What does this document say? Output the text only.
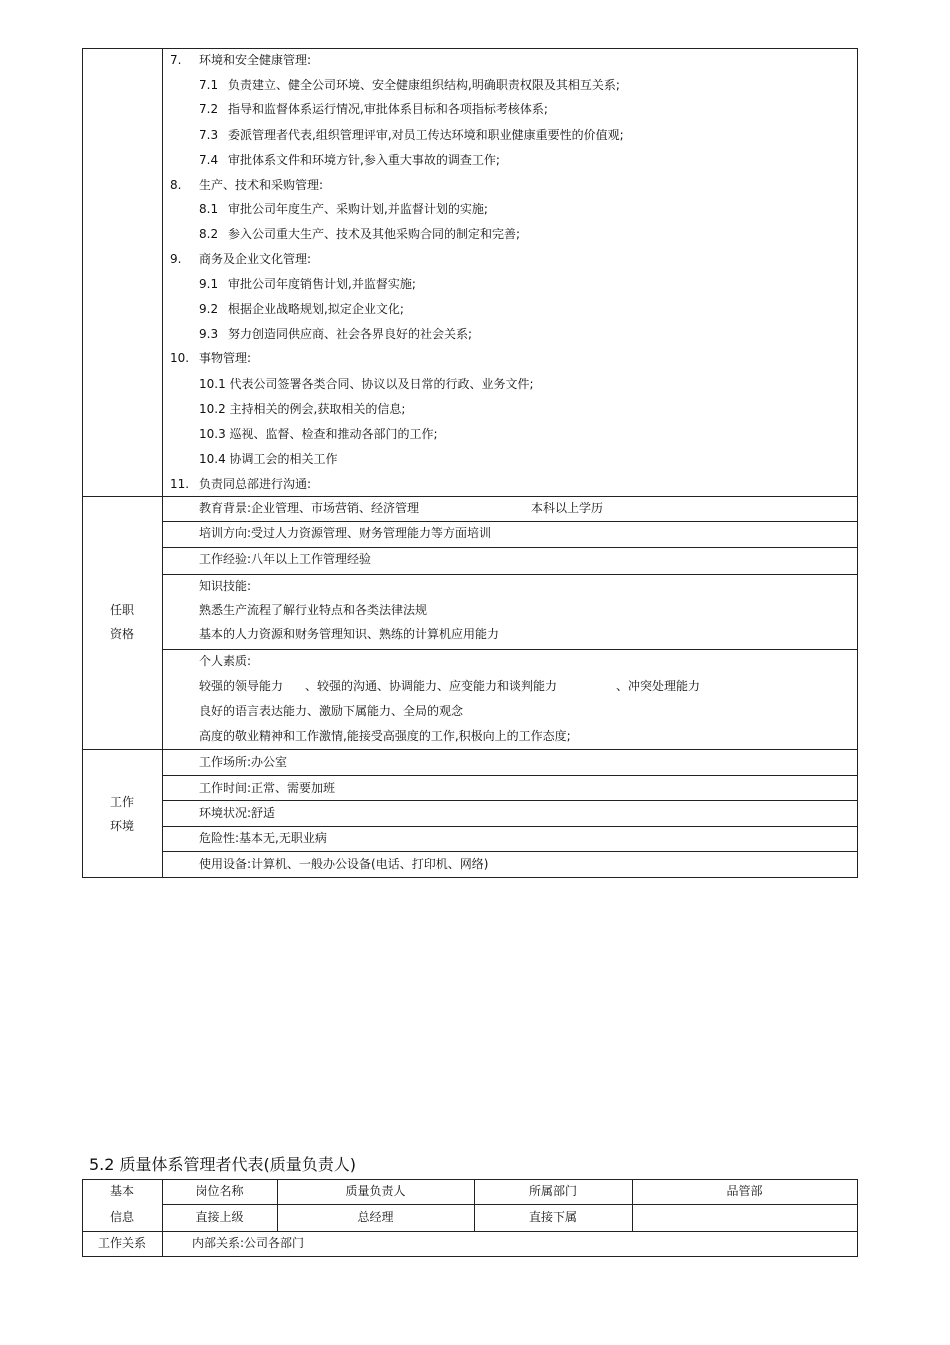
7. 环境和安全健康管理:
7.1 负责建立、健全公司环境、安全健康组织结构,明确职责权限及其相互关系;
7.2 指导和监督体系运行情况,审批体系目标和各项指标考核体系;
7.3 委派管理者代表,组织管理评审,对员工传达环境和职业健康重要性的价值观;
7.4 审批体系文件和环境方针,参入重大事故的调查工作;
8. 生产、技术和采购管理:
8.1 审批公司年度生产、采购计划,并监督计划的实施;
8.2 参入公司重大生产、技术及其他采购合同的制定和完善;
9. 商务及企业文化管理:
9.1 审批公司年度销售计划,并监督实施;
9.2 根据企业战略规划,拟定企业文化;
9.3 努力创造同供应商、社会各界良好的社会关系;
10. 事物管理:
10.1 代表公司签署各类合同、协议以及日常的行政、业务文件;
10.2 主持相关的例会,获取相关的信息;
10.3 巡视、监督、检查和推动各部门的工作;
10.4 协调工会的相关工作
11. 负责同总部进行沟通:
任职
资格
教育背景:企业管理、市场营销、经济管理	本科以上学历
培训方向:受过人力资源管理、财务管理能力等方面培训
工作经验:八年以上工作管理经验
知识技能:
熟悉生产流程了解行业特点和各类法律法规
基本的人力资源和财务管理知识、熟练的计算机应用能力
个人素质:
较强的领导能力 、较强的沟通、协调能力、应变能力和谈判能力	、冲突处理能力
良好的语言表达能力、激励下属能力、全局的观念
高度的敬业精神和工作激情,能接受高强度的工作,积极向上的工作态度;
工作
环境
工作场所:办公室
工作时间:正常、需要加班
环境状况:舒适
危险性:基本无,无职业病
使用设备:计算机、一般办公设备(电话、打印机、网络)
5.2 质量体系管理者代表(质量负责人)
基本
信息
岗位名称	质量负责人	所属部门	品管部
直接上级	总经理	直接下属
工作关系	内部关系:公司各部门
